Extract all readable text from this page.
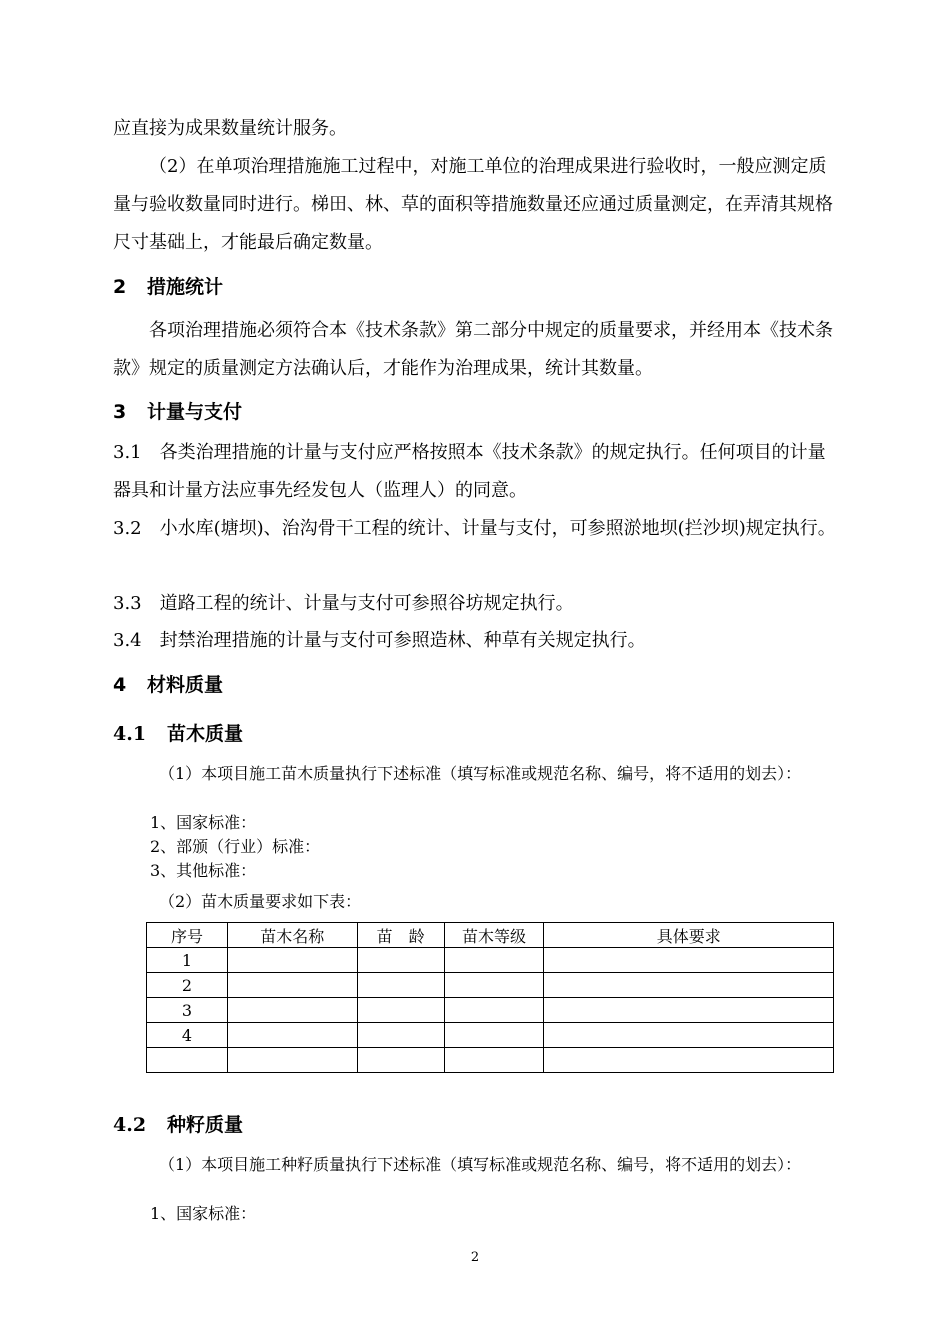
应直接为成果数量统计服务。

（2）在单项治理措施施工过程中，对施工单位的治理成果进行验收时，一般应测定质量与验收数量同时进行。梯田、林、草的面积等措施数量还应通过质量测定，在弄清其规格尺寸基础上，才能最后确定数量。

2 措施统计

各项治理措施必须符合本《技术条款》第二部分中规定的质量要求，并经用本《技术条款》规定的质量测定方法确认后，才能作为治理成果，统计其数量。

3 计量与支付

3.1　各类治理措施的计量与支付应严格按照本《技术条款》的规定执行。任何项目的计量器具和计量方法应事先经发包人（监理人）的同意。

3.2　小水库(塘坝)、治沟骨干工程的统计、计量与支付，可参照淤地坝(拦沙坝)规定执行。

3.3　道路工程的统计、计量与支付可参照谷坊规定执行。

3.4　封禁治理措施的计量与支付可参照造林、种草有关规定执行。

4 材料质量
4.1 苗木质量

（1）本项目施工苗木质量执行下述标准（填写标准或规范名称、编号，将不适用的划去）：

1、国家标准：

2、部颁（行业）标准：

3、其他标准：

（2）苗木质量要求如下表：

序号	苗木名称	苗　龄	苗木等级	具体要求
1				
2				
3				
4				

4.2 种籽质量

（1）本项目施工种籽质量执行下述标准（填写标准或规范名称、编号，将不适用的划去）：

1、国家标准：

2
